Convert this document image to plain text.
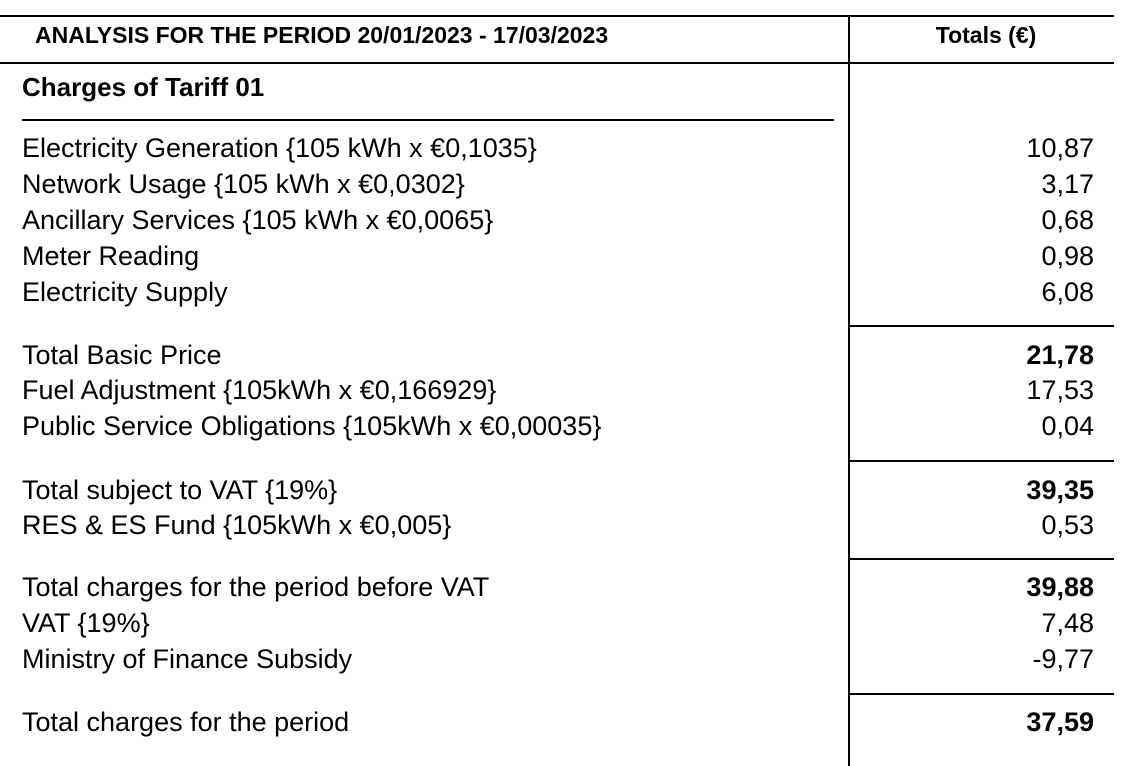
ANALYSIS FOR THE PERIOD 20/01/2023 - 17/03/2023	Totals (€)
Charges of Tariff 01
Electricity Generation {105 kWh x €0,1035}	10,87
Network Usage {105 kWh x €0,0302}	3,17
Ancillary Services {105 kWh x €0,0065}	0,68
Meter Reading	0,98
Electricity Supply	6,08
Total Basic Price	21,78
Fuel Adjustment {105kWh x €0,166929}	17,53
Public Service Obligations {105kWh x €0,00035}	0,04
Total subject to VAT {19%}	39,35
RES & ES Fund {105kWh x €0,005}	0,53
Total charges for the period before VAT	39,88
VAT {19%}	7,48
Ministry of Finance Subsidy	-9,77
Total charges for the period	37,59
